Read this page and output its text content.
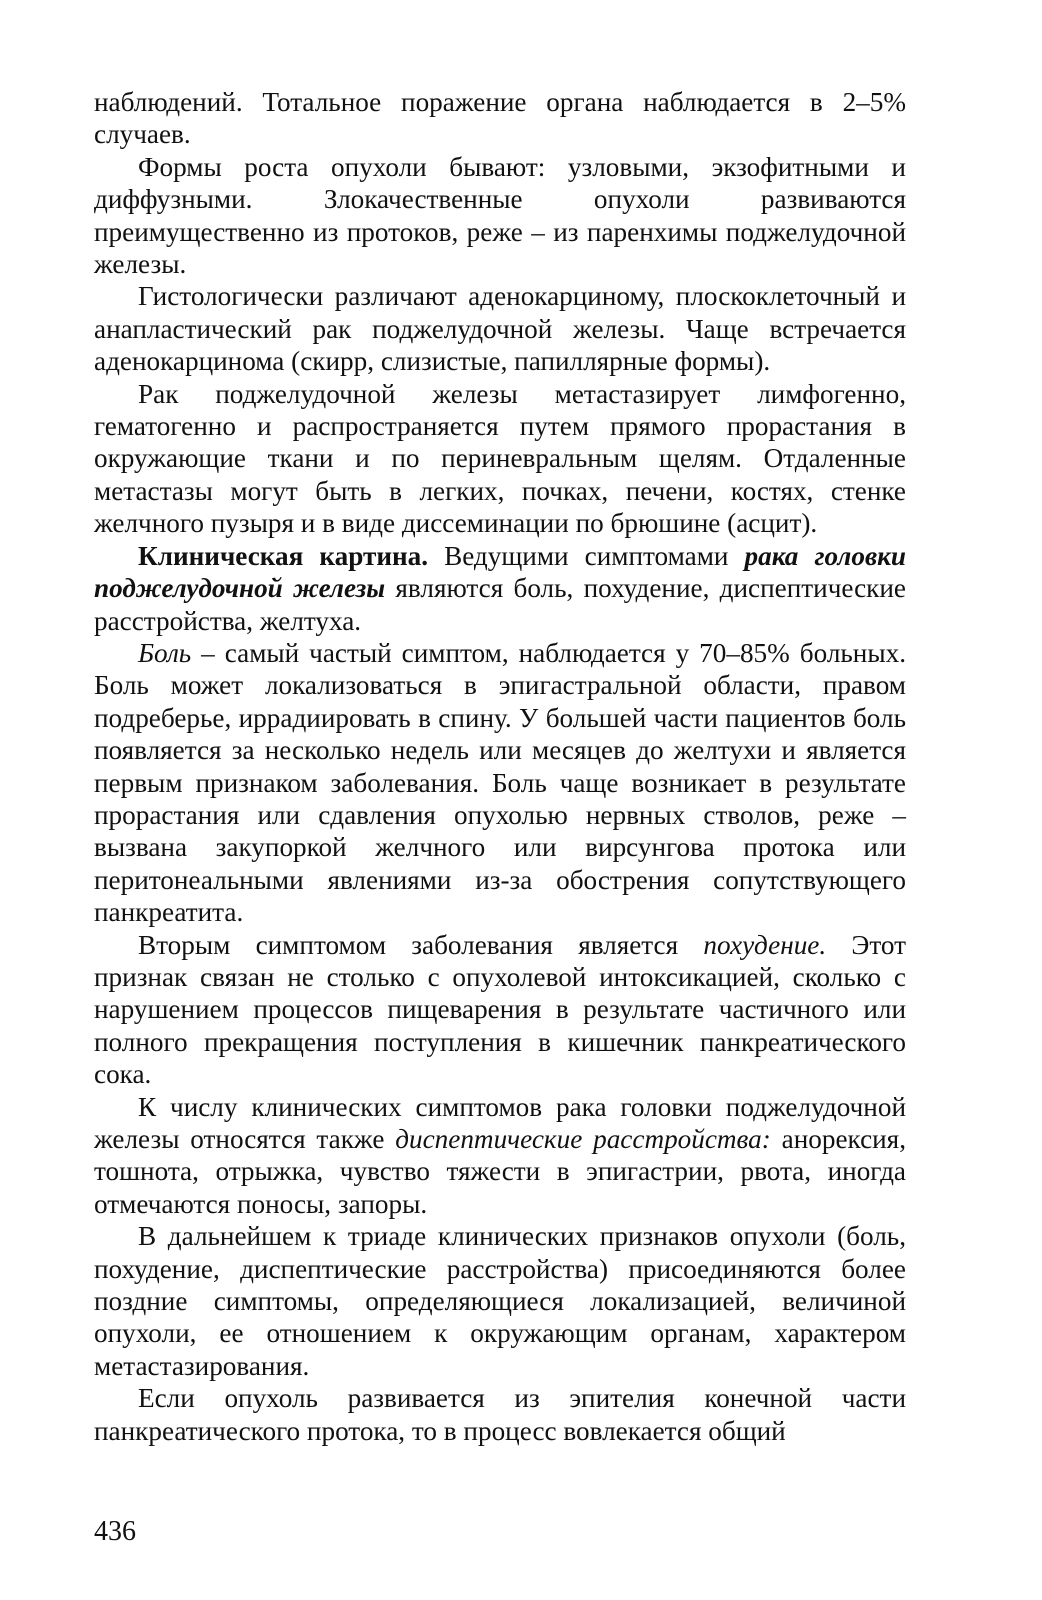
наблюдений. Тотальное поражение органа наблюдается в 2–5% случаев.

Формы роста опухоли бывают: узловыми, экзофитными и диффузными. Злокачественные опухоли развиваются преимущественно из протоков, реже – из паренхимы поджелудочной железы.

Гистологически различают аденокарциному, плоскоклеточный и анапластический рак поджелудочной железы. Чаще встречается аденокарцинома (скирр, слизистые, папиллярные формы).

Рак поджелудочной железы метастазирует лимфогенно, гематогенно и распространяется путем прямого прорастания в окружающие ткани и по периневральным щелям. Отдаленные метастазы могут быть в легких, почках, печени, костях, стенке желчного пузыря и в виде диссеминации по брюшине (асцит).

Клиническая картина. Ведущими симптомами рака головки поджелудочной железы являются боль, похудение, диспептические расстройства, желтуха.

Боль – самый частый симптом, наблюдается у 70–85% больных. Боль может локализоваться в эпигастральной области, правом подреберье, иррадиировать в спину. У большей части пациентов боль появляется за несколько недель или месяцев до желтухи и является первым признаком заболевания. Боль чаще возникает в результате прорастания или сдавления опухолью нервных стволов, реже – вызвана закупоркой желчного или вирсунгова протока или перитонеальными явлениями из-за обострения сопутствующего панкреатита.

Вторым симптомом заболевания является похудение. Этот признак связан не столько с опухолевой интоксикацией, сколько с нарушением процессов пищеварения в результате частичного или полного прекращения поступления в кишечник панкреатического сока.

К числу клинических симптомов рака головки поджелудочной железы относятся также диспептические расстройства: анорексия, тошнота, отрыжка, чувство тяжести в эпигастрии, рвота, иногда отмечаются поносы, запоры.

В дальнейшем к триаде клинических признаков опухоли (боль, похудение, диспептические расстройства) присоединяются более поздние симптомы, определяющиеся локализацией, величиной опухоли, ее отношением к окружающим органам, характером метастазирования.

Если опухоль развивается из эпителия конечной части панкреатического протока, то в процесс вовлекается общий

436
